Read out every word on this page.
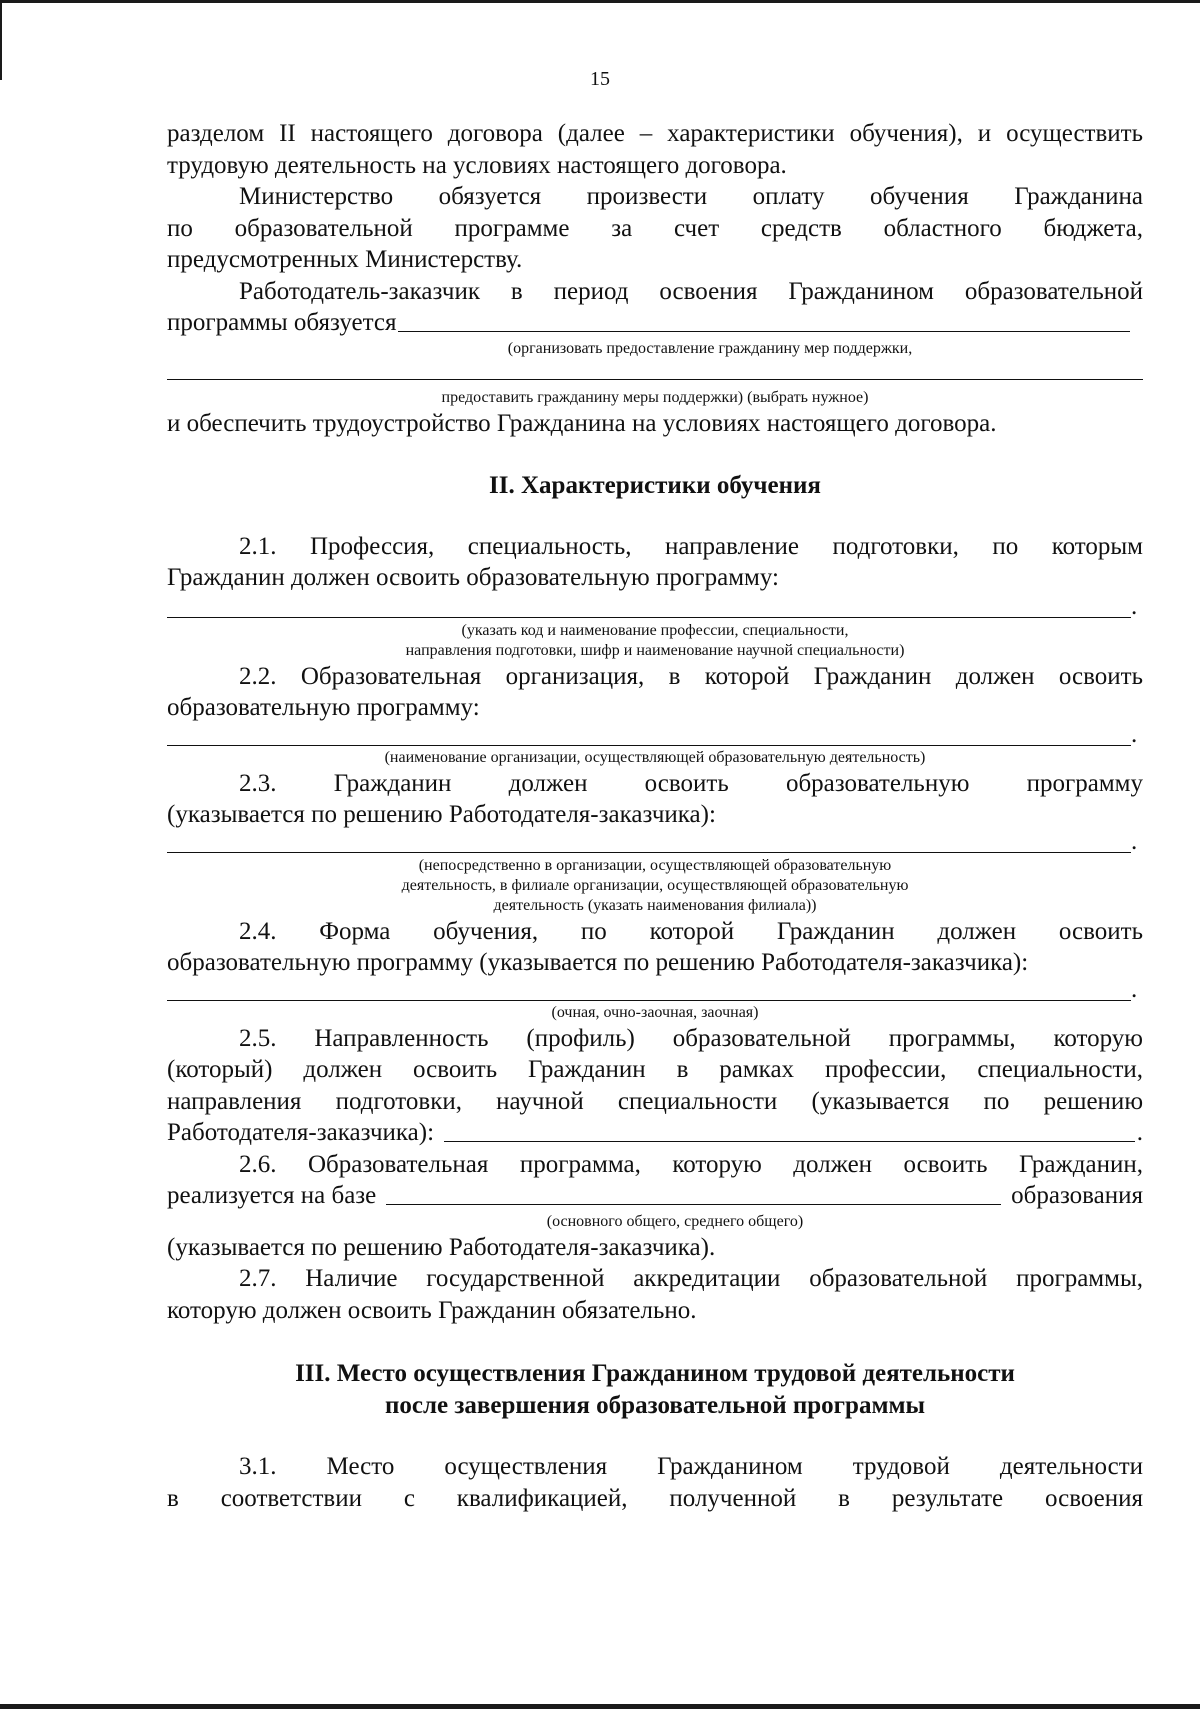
15

разделом II настоящего договора (далее – характеристики обучения), и осуществить

трудовую деятельность на условиях настоящего договора.

Министерство обязуется произвести оплату обучения Гражданина

по образовательной программе за счет средств областного бюджета,

предусмотренных Министерству.

Работодатель-заказчик в период освоения Гражданином образовательной

программы обязуется
(организовать предоставление гражданину мер поддержки,
предоставить гражданину меры поддержки) (выбрать нужное)

и обеспечить трудоустройство Гражданина на условиях настоящего договора.

II. Характеристики обучения

2.1. Профессия, специальность, направление подготовки, по которым

Гражданин должен освоить образовательную программу:

.
(указать код и наименование профессии, специальности,
направления подготовки, шифр и наименование научной специальности)

2.2. Образовательная организация, в которой Гражданин должен освоить

образовательную программу:

.
(наименование организации, осуществляющей образовательную деятельность)

2.3. Гражданин должен освоить образовательную программу

(указывается по решению Работодателя-заказчика):

.
(непосредственно в организации, осуществляющей образовательную
деятельность, в филиале организации, осуществляющей образовательную
деятельность (указать наименования филиала))

2.4. Форма обучения, по которой Гражданин должен освоить

образовательную программу (указывается по решению Работодателя-заказчика):

.
(очная, очно-заочная, заочная)

2.5. Направленность (профиль) образовательной программы, которую

(который) должен освоить Гражданин в рамках профессии, специальности,

направления подготовки, научной специальности (указывается по решению

Работодателя-заказчика):	.

2.6. Образовательная программа, которую должен освоить Гражданин,

реализуется на базе	образования
(основного общего, среднего общего)

(указывается по решению Работодателя-заказчика).

2.7. Наличие государственной аккредитации образовательной программы,

которую должен освоить Гражданин обязательно.

III. Место осуществления Гражданином трудовой деятельности

после завершения образовательной программы

3.1. Место осуществления Гражданином трудовой деятельности

в соответствии с квалификацией, полученной в результате освоения
